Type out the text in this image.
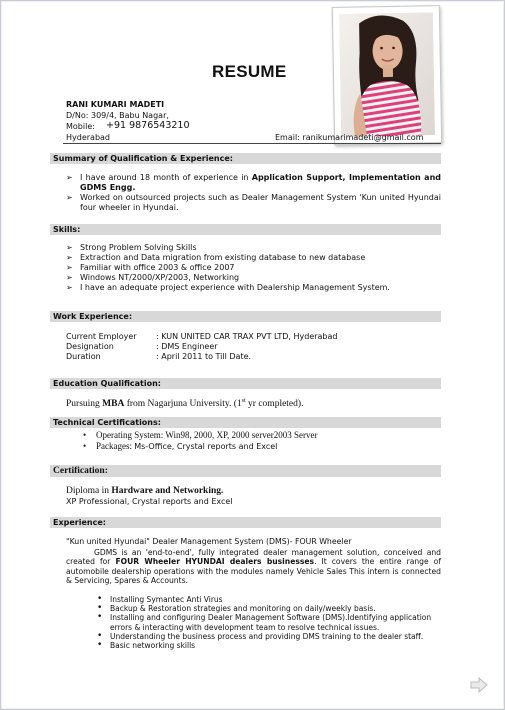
RESUME
RANI KUMARI MADETI
D/No: 309/4, Babu Nagar,
Mobile: +91 9876543210
Hyderabad	Email: ranikumarimadeti@gmail.com
Summary of Qualification & Experience:
➢ I have around 18 month of experience in Application Support, Implementation and GDMS Engg.
➢ Worked on outsourced projects such as Dealer Management System 'Kun united Hyundai four wheeler in Hyundai.
Skills:
➢ Strong Problem Solving Skills
➢ Extraction and Data migration from existing database to new database
➢ Familiar with office 2003 & office 2007
➢ Windows NT/2000/XP/2003, Networking
➢ I have an adequate project experience with Dealership Management System.
Work Experience:
Current Employer : KUN UNITED CAR TRAX PVT LTD, Hyderabad
Designation	: DMS Engineer
Duration	: April 2011 to Till Date.
Education Qualification:
Pursuing MBA from Nagarjuna University. (1st yr completed).
Technical Certifications:
• Operating System: Win98, 2000, XP, 2000 server2003 Server
• Packages: Ms-Office, Crystal reports and Excel
Certification:
Diploma in Hardware and Networking.
XP Professional, Crystal reports and Excel
Experience:
"Kun united Hyundai" Dealer Management System (DMS)- FOUR Wheeler
GDMS is an 'end-to-end', fully integrated dealer management solution, conceived and created for FOUR Wheeler HYUNDAI dealers businesses. It covers the entire range of automobile dealership operations with the modules namely Vehicle Sales This intern is connected & Servicing, Spares & Accounts.
• Installing Symantec Anti Virus
• Backup & Restoration strategies and monitoring on daily/weekly basis.
• Installing and configuring Dealer Management Software (DMS).Identifying application errors & interacting with development team to resolve technical issues.
• Understanding the business process and providing DMS training to the dealer staff.
• Basic networking skills
